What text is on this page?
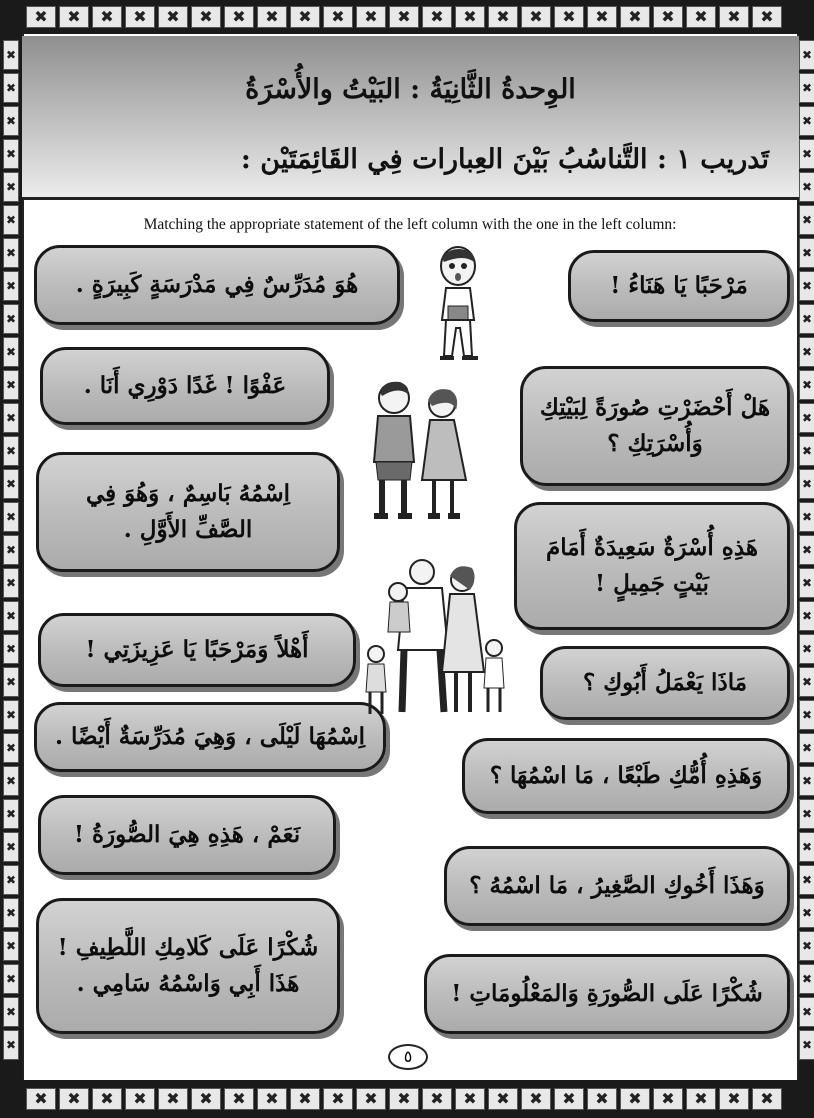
✖	✖	✖	✖	✖	✖	✖	✖	✖	✖	✖	✖	✖	✖	✖	✖	✖	✖	✖	✖	✖	✖	✖
✖	✖	✖	✖	✖	✖	✖	✖	✖	✖	✖	✖	✖	✖	✖	✖	✖	✖	✖	✖	✖	✖	✖
✖
✖
✖
✖
✖
✖
✖
✖
✖
✖
✖
✖
✖
✖
✖
✖
✖
✖
✖
✖
✖
✖
✖
✖
✖
✖
✖
✖
✖
✖
✖
✖
✖
✖
✖
✖
✖
✖
✖
✖
✖
✖
✖
✖
✖
✖
✖
✖
✖
✖
✖
✖
✖
✖
✖
✖
✖
✖
✖
✖
✖
✖
الوِحدةُ الثَّانِيَةُ : البَيْتُ والأُسْرَةُ
تَدريب ١ : التَّناسُبُ بَيْنَ العِبارات فِي القَائِمَتَيْن :
Matching the appropriate statement of the left column with the one in the left column:
هُوَ مُدَرِّسٌ فِي مَدْرَسَةٍ كَبِيرَةٍ .
عَفْوًا ! غَدًا دَوْرِي أَنَا .
اِسْمُهُ بَاسِمٌ ، وَهُوَ فِي الصَّفِّ الأَوَّلِ .
أَهْلاً وَمَرْحَبًا يَا عَزِيزَتِي !
اِسْمُهَا لَيْلَى ، وَهِيَ مُدَرِّسَةٌ أَيْضًا .
نَعَمْ ، هَذِهِ هِيَ الصُّورَةُ !
شُكْرًا عَلَى كَلامِكِ اللَّطِيفِ ! هَذَا أَبِي وَاسْمُهُ سَامِي .
مَرْحَبًا يَا هَنَاءُ !
هَلْ أَحْضَرْتِ صُورَةً لِبَيْتِكِ وَأُسْرَتِكِ ؟
هَذِهِ أُسْرَةٌ سَعِيدَةٌ أَمَامَ بَيْتٍ جَمِيلٍ !
مَاذَا يَعْمَلُ أَبُوكِ ؟
وَهَذِهِ أُمُّكِ طَبْعًا ، مَا اسْمُهَا ؟
وَهَذَا أَخُوكِ الصَّغِيرُ ، مَا اسْمُهُ ؟
شُكْرًا عَلَى الصُّورَةِ وَالمَعْلُومَاتِ !
٥
